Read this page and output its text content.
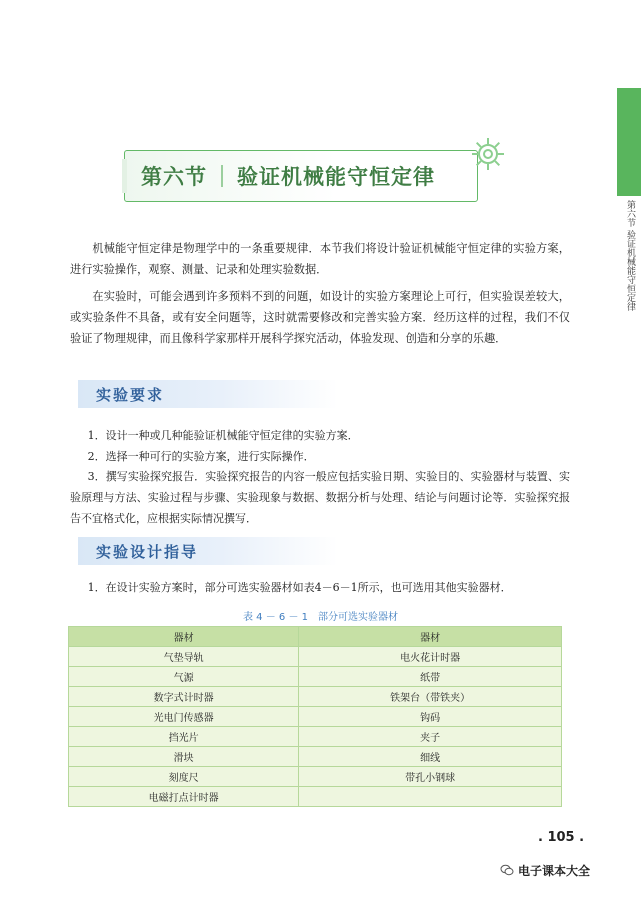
第六节 验证机械能守恒定律
第六节 验证机械能守恒定律

机械能守恒定律是物理学中的一条重要规律．本节我们将设计验证机械能守恒定律的实验方案，进行实验操作，观察、测量、记录和处理实验数据．

在实验时，可能会遇到许多预料不到的问题，如设计的实验方案理论上可行，但实验误差较大，或实验条件不具备，或有安全问题等，这时就需要修改和完善实验方案．经历这样的过程，我们不仅验证了物理规律，而且像科学家那样开展科学探究活动，体验发现、创造和分享的乐趣．

实验要求
1．设计一种或几种能验证机械能守恒定律的实验方案．
2．选择一种可行的实验方案，进行实际操作．
3．撰写实验探究报告．实验探究报告的内容一般应包括实验日期、实验目的、实验器材与装置、实验原理与方法、实验过程与步骤、实验现象与数据、数据分析与处理、结论与问题讨论等．实验探究报告不宜格式化，应根据实际情况撰写．
实验设计指导
1．在设计实验方案时，部分可选实验器材如表4－6－1所示，也可选用其他实验器材．
表 4 － 6 － 1　部分可选实验器材
器材	器材
气垫导轨	电火花计时器
气源	纸带
数字式计时器	铁架台（带铁夹）
光电门传感器	钩码
挡光片	夹子
滑块	细线
刻度尺	带孔小钢球
电磁打点计时器	
. 105 .
电子课本大全
